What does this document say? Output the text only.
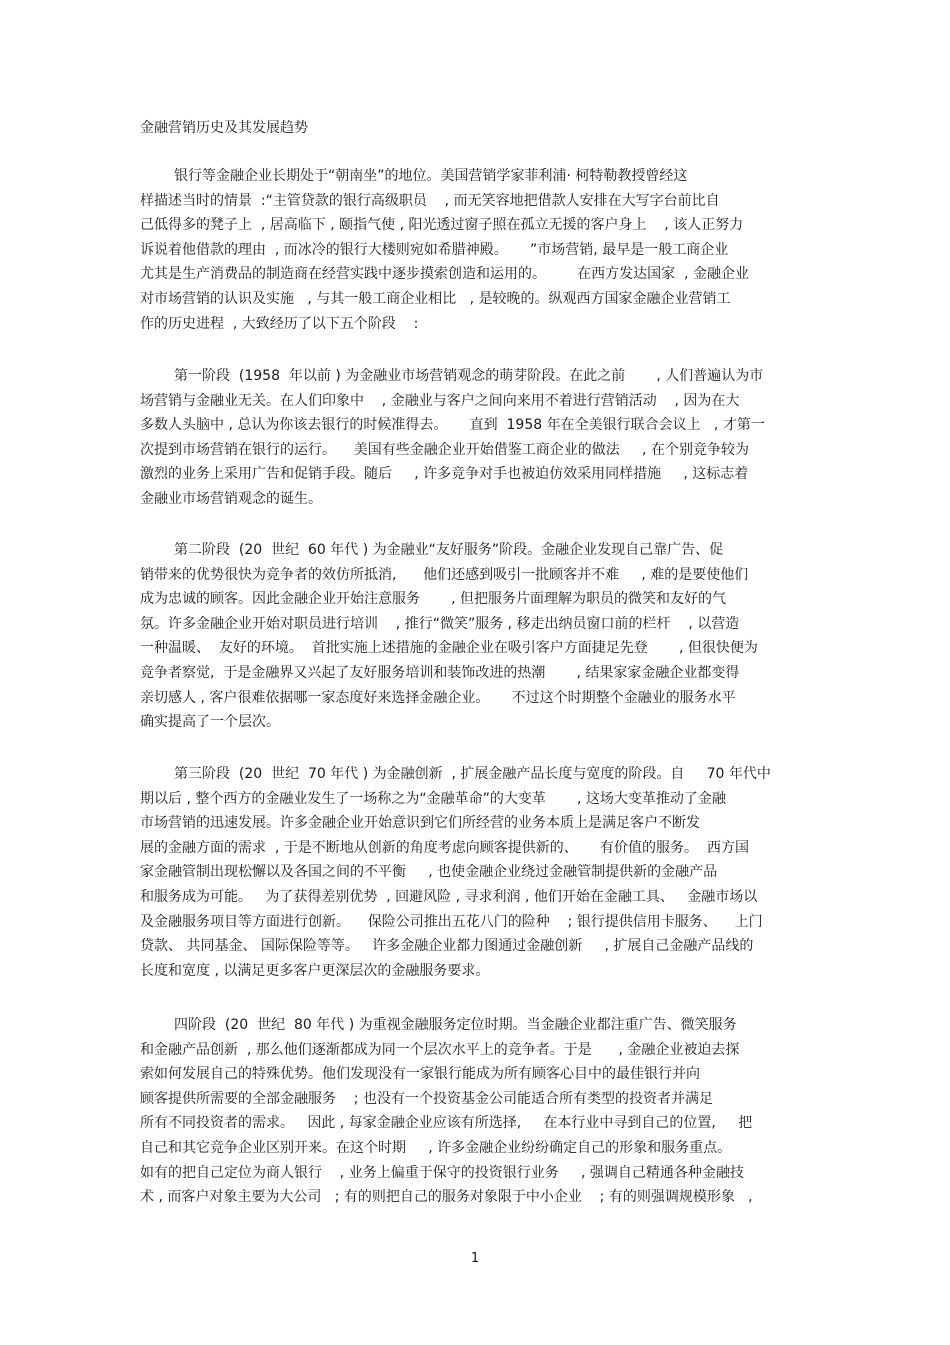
金融营销历史及其发展趋势
银行等金融企业长期处于“朝南坐”的地位。美国营销学家菲利浦· 柯特勒教授曾经这
样描述当时的情景  :“主管贷款的银行高级职员    , 而无笑容地把借款人安排在大写字台前比自
己低得多的凳子上  , 居高临下 , 颐指气使 , 阳光透过窗子照在孤立无援的客户身上    , 该人正努力
诉说着他借款的理由  , 而冰冷的银行大楼则宛如希腊神殿。     ”市场营销, 最早是一般工商企业
尤其是生产消费品的制造商在经营实践中逐步摸索创造和运用的。       在西方发达国家  , 金融企业
对市场营销的认识及实施   , 与其一般工商企业相比   , 是较晚的。纵观西方国家金融企业营销工
作的历史进程  , 大致经历了以下五个阶段    :
第一阶段  (1958  年以前 ) 为金融业市场营销观念的萌芽阶段。在此之前       , 人们普遍认为市
场营销与金融业无关。在人们印象中    , 金融业与客户之间向来用不着进行营销活动    , 因为在大
多数人头脑中 , 总认为你该去银行的时候准得去。     直到  1958 年在全美银行联合会议上   , 才第一
次提到市场营销在银行的运行。    美国有些金融企业开始借鉴工商企业的做法     , 在个别竞争较为
激烈的业务上采用广告和促销手段。随后     , 许多竞争对手也被迫仿效采用同样措施     , 这标志着
金融业市场营销观念的诞生。
第二阶段  (20  世纪  60 年代 ) 为金融业“友好服务”阶段。金融企业发现自己靠广告、促
销带来的优势很快为竞争者的效仿所抵消,      他们还感到吸引一批顾客并不难     , 难的是要使他们
成为忠诚的顾客。因此金融企业开始注意服务       , 但把服务片面理解为职员的微笑和友好的气
氛。许多金融企业开始对职员进行培训    , 推行“微笑”服务 , 移走出纳员窗口前的栏杆    , 以营造
一种温暖、  友好的环境。  首批实施上述措施的金融企业在吸引客户方面捷足先登       , 但很快便为
竞争者察觉,  于是金融界又兴起了友好服务培训和装饰改进的热潮       , 结果家家金融企业都变得
亲切感人 , 客户很难依据哪一家态度好来选择金融企业。     不过这个时期整个金融业的服务水平
确实提高了一个层次。
第三阶段  (20  世纪  70 年代 ) 为金融创新  , 扩展金融产品长度与宽度的阶段。自     70 年代中
期以后 , 整个西方的金融业发生了一场称之为“金融革命”的大变革       , 这场大变革推动了金融
市场营销的迅速发展。许多金融企业开始意识到它们所经营的业务本质上是满足客户不断发
展的金融方面的需求  , 于是不断地从创新的角度考虑向顾客提供新的、     有价值的服务。  西方国
家金融管制出现松懈以及各国之间的不平衡     , 也使金融企业绕过金融管制提供新的金融产品
和服务成为可能。   为了获得差别优势  , 回避风险 , 寻求利润 , 他们开始在金融工具、   金融市场以
及金融服务项目等方面进行创新。    保险公司推出五花八门的险种    ; 银行提供信用卡服务、    上门
贷款、 共同基金、 国际保险等等。   许多金融企业都力图通过金融创新     , 扩展自己金融产品线的
长度和宽度 , 以满足更多客户更深层次的金融服务要求。
四阶段  (20  世纪  80 年代 ) 为重视金融服务定位时期。当金融企业都注重广告、微笑服务
和金融产品创新  , 那么他们逐渐都成为同一个层次水平上的竞争者。于是      , 金融企业被迫去探
索如何发展自己的特殊优势。他们发现没有一家银行能成为所有顾客心目中的最佳银行并向
顾客提供所需要的全部金融服务    ; 也没有一个投资基金公司能适合所有类型的投资者并满足
所有不同投资者的需求。   因此 , 每家金融企业应该有所选择,     在本行业中寻到自己的位置,     把
自己和其它竞争企业区别开来。在这个时期     , 许多金融企业纷纷确定自己的形象和服务重点。
如有的把自己定位为商人银行    , 业务上偏重于保守的投资银行业务     , 强调自己精通各种金融技
术 , 而客户对象主要为大公司   ; 有的则把自己的服务对象限于中小企业    ; 有的则强调规模形象   ,
1
